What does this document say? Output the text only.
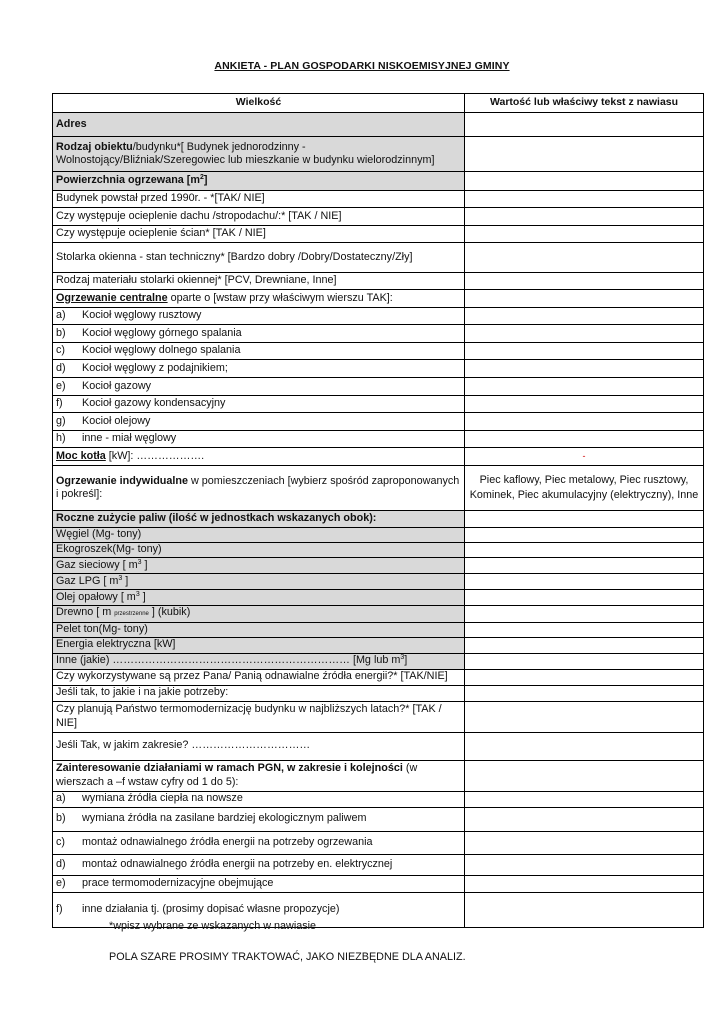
ANKIETA - PLAN GOSPODARKI NISKOEMISYJNEJ GMINY
Wielkość	Wartość lub właściwy tekst z nawiasu
Adres	
Rodzaj obiektu/budynku*[ Budynek jednorodzinny - Wolnostojący/Bliźniak/Szeregowiec lub mieszkanie w budynku wielorodzinnym]	
Powierzchnia ogrzewana $[m^2]$	
Budynek powstał przed 1990r. - *[TAK/ NIE]	
Czy występuje ocieplenie dachu /stropodachu/:* [TAK / NIE]	
Czy występuje ocieplenie ścian* [TAK / NIE]	
Stolarka okienna - stan techniczny* [Bardzo dobry /Dobry/Dostateczny/Zły]	
Rodzaj materiału stolarki okiennej* [PCV, Drewniane, Inne]	
Ogrzewanie centralne oparte o [wstaw przy właściwym wierszu TAK]:	
a) Kocioł węglowy rusztowy	
b) Kocioł węglowy górnego spalania	
c) Kocioł węglowy dolnego spalania	
d) Kocioł węglowy z podajnikiem;	
e) Kocioł gazowy	
f) Kocioł gazowy kondensacyjny	
g) Kocioł olejowy	
h) inne - miał węglowy	
Moc kotła [kW]: ……………….	-
Ogrzewanie indywidualne w pomieszczeniach [wybierz spośród zaproponowanych i pokreśl]:	Piec kaflowy, Piec metalowy, Piec rusztowy, Kominek, Piec akumulacyjny (elektryczny), Inne
Roczne zużycie paliw (ilość w jednostkach wskazanych obok):	
Węgiel (Mg- tony)	
Ekogroszek(Mg- tony)	
Gaz sieciowy [ $m^3$ ]	
Gaz LPG [ $m^3$ ]	
Olej opałowy [ $m^3$ ]	
Drewno [ m przestrzenne ] (kubik)	
Pelet ton(Mg- tony)	
Energia elektryczna [kW]	
Inne (jakie) ………………………………………………………… [Mg lub $m^3$]	
Czy wykorzystywane są przez Pana/ Panią odnawialne źródła energii?* [TAK/NIE]	
Jeśli tak, to jakie i na jakie potrzeby:	
Czy planują Państwo termomodernizację budynku w najbliższych latach?* [TAK / NIE]	
Jeśli Tak, w jakim zakresie? ……………………………	
Zainteresowanie działaniami w ramach PGN, w zakresie i kolejności (w wierszach a –f wstaw cyfry od 1 do 5):	
a) wymiana źródła ciepła na nowsze	
b) wymiana źródła na zasilane bardziej ekologicznym paliwem	
c) montaż odnawialnego źródła energii na potrzeby ogrzewania	
d) montaż odnawialnego źródła energii na potrzeby en. elektrycznej	
e) prace termomodernizacyjne obejmujące	
f) inne działania tj. (prosimy dopisać własne propozycje)	
*wpisz wybrane ze wskazanych w nawiasie
POLA SZARE PROSIMY TRAKTOWAĆ, JAKO NIEZBĘDNE DLA ANALIZ.
